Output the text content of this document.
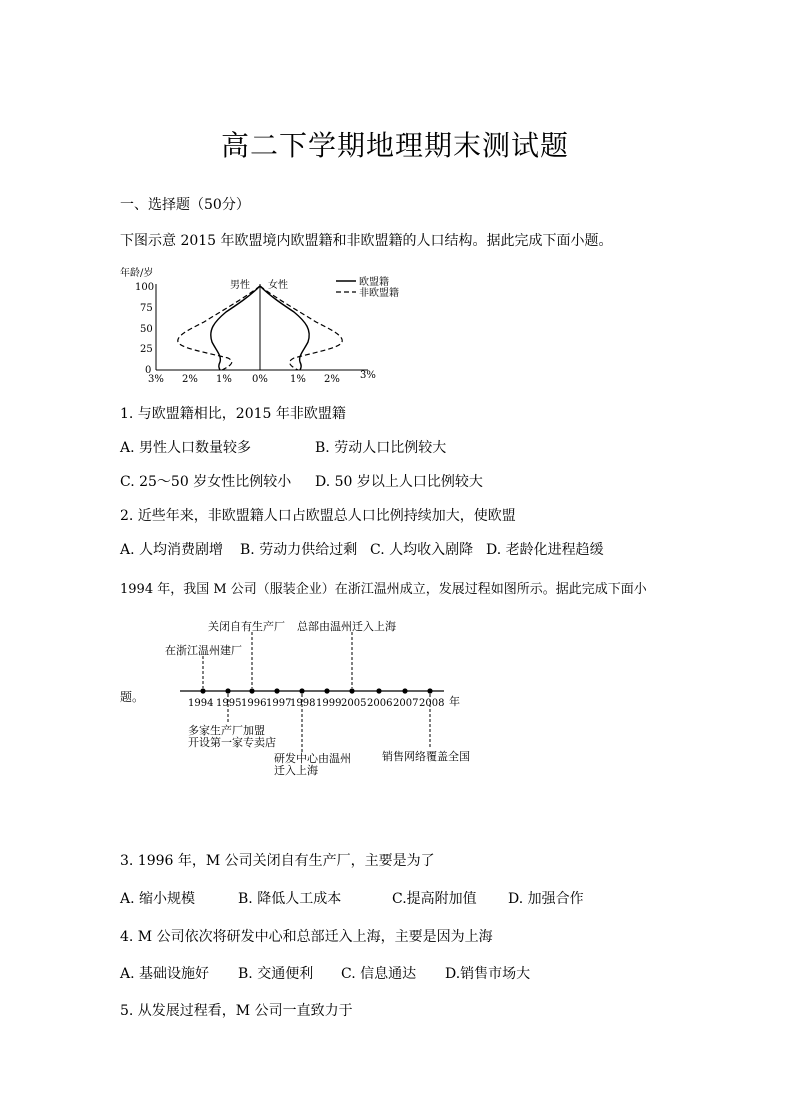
高二下学期地理期末测试题
一、选择题（50分）
下图示意 2015 年欧盟境内欧盟籍和非欧盟籍的人口结构。据此完成下面小题。
年龄/岁
100
75
50
25
0
3% 2% 1% 0% 1% 2% 3%
男性 女性	欧盟籍
非欧盟籍
1. 与欧盟籍相比，2015 年非欧盟籍
A. 男性人口数量较多	B. 劳动人口比例较大
C. 25～50 岁女性比例较小 D. 50 岁以上人口比例较大
2. 近些年来，非欧盟籍人口占欧盟总人口比例持续加大，使欧盟
A. 人均消费剧增 B. 劳动力供给过剩 C. 人均收入剧降 D. 老龄化进程趋缓
1994 年，我国 M 公司（服装企业）在浙江温州成立，发展过程如图所示。据此完成下面小
年
1994 1995 1996 1997
1998 1999 2005 2006 2007 2008
在浙江温州建厂
关闭自有生产厂 总部由温州迁入上海
多家生产厂加盟
开设第一家专卖店
研发中心由温州
迁入上海
销售网络覆盖全国
题。
3. 1996 年，M 公司关闭自有生产厂，主要是为了
A. 缩小规模	B. 降低人工成本	C.提高附加值 D. 加强合作
4. M 公司依次将研发中心和总部迁入上海，主要是因为上海
A. 基础设施好 B. 交通便利 C. 信息通达 D.销售市场大
5. 从发展过程看，M 公司一直致力于
